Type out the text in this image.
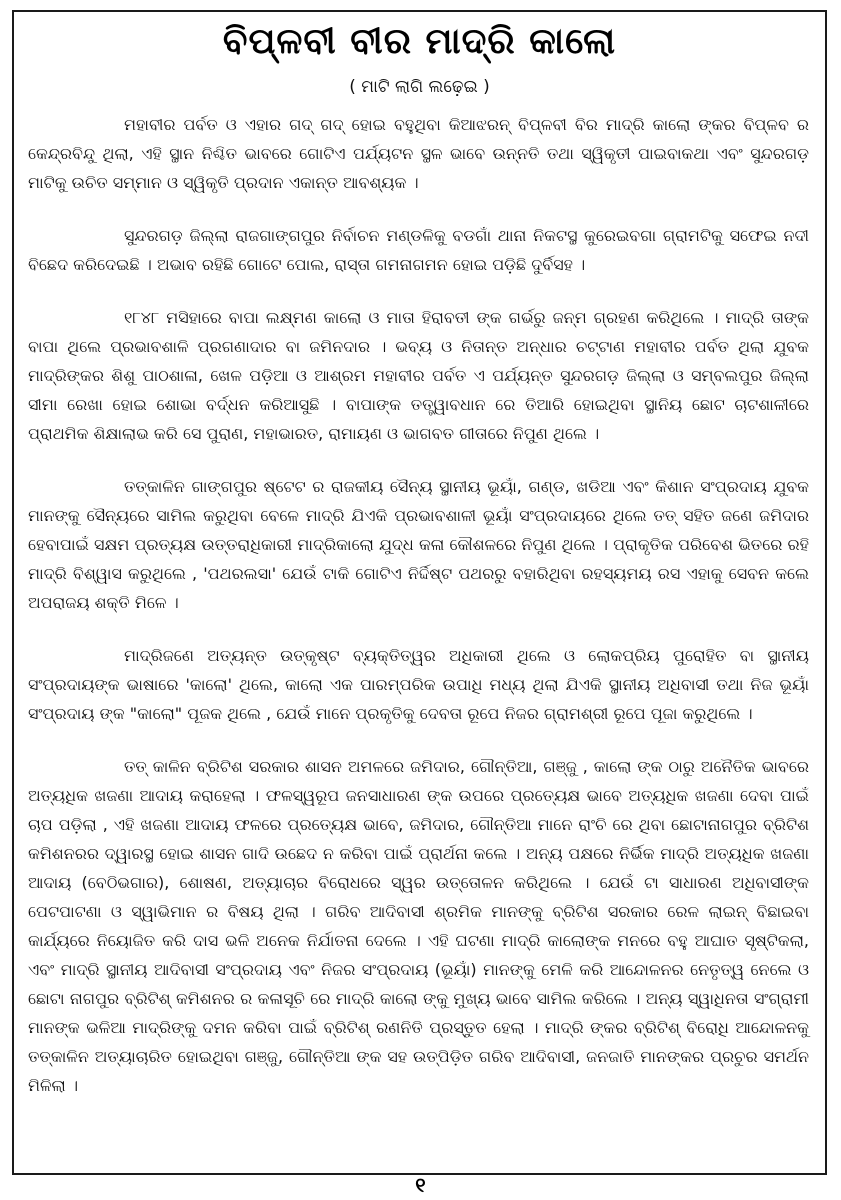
ବିପ୍ଳବୀ ବୀର ମାଦ୍ରି କାଲୋ
( ମାଟି ଲାଗି ଲଢ଼େଇ )

ମହାବୀର ପର୍ବତ ଓ ଏହାର ଗଦ୍ ଗଦ୍ ହୋଇ ବହୁଥିବା କିଆଝରନ୍ ବିପ୍ଳବୀ ବିର ମାଦ୍ରି କାଲୋ ଙ୍କର ବିପ୍ଳବ ର କେନ୍ଦ୍ରବିନ୍ଦୁ ଥିଲା, ଏହି ସ୍ଥାନ ନିଶ୍ଚିତ ଭାବରେ ଗୋଟିଏ ପର୍ଯ୍ୟଟନ ସ୍ଥଳ ଭାବେ ଉନ୍ନତି ତଥା ସ୍ୱିକୃତୀ ପାଇବାକଥା ଏବଂ ସୁନ୍ଦରଗଡ଼ ମାଟିକୁ ଉଚିତ ସମ୍ମାନ ଓ ସ୍ୱିକୃତି ପ୍ରଦାନ ଏକାନ୍ତ ଆବଶ୍ୟକ ।

ସୁନ୍ଦରଗଡ଼ ଜିଲ୍ଲା ରାଜଗାଙ୍ଗପୁର ନିର୍ବାଚନ ମଣ୍ଡଳିକୁ ବଡଗାଁ ଥାନା ନିକଟସ୍ଥ କୁରେଇବଗା ଗ୍ରାମଟିକୁ ସଫେଇ ନଦୀ ବିଛେଦ କରିଦେଇଛି । ଅଭାବ ରହିଛି ଗୋଟେ ପୋଲ, ରାସ୍ତା ଗମନାଗମନ ହୋଇ ପଡ଼ିଛି ଦୁର୍ବିସହ ।

୧୮୪୮ ମସିହାରେ ବାପା ଲକ୍ଷ୍ମଣ କାଲୋ ଓ ମାତା ହିରାବତୀ ଙ୍କ ଗର୍ଭରୁ ଜନ୍ମ ଗ୍ରହଣ କରିଥିଲେ । ମାଦ୍ରି ତାଙ୍କ ବାପା ଥିଲେ ପ୍ରଭାବଶାଳି ପ୍ରଗଣାଦାର ବା ଜମିନଦାର । ଭବ୍ୟ ଓ ନିତାନ୍ତ ଅନ୍ଧାର ଚଟ୍ଟାଣ ମହାବୀର ପର୍ବତ ଥିଲା ଯୁବକ ମାଦ୍ରିଙ୍କର ଶିଶୁ ପାଠଶାଳା, ଖେଳ ପଡ଼ିଆ ଓ ଆଶ୍ରମ ମହାବୀର ପର୍ବତ ଏ ପର୍ଯ୍ୟନ୍ତ ସୁନ୍ଦରଗଡ଼ ଜିଲ୍ଲା ଓ ସମ୍ବଲପୁର ଜିଲ୍ଲା ସୀମା ରେଖା ହୋଇ ଶୋଭା ବର୍ଦ୍ଧନ କରିଆସୁଛି । ବାପାଙ୍କ ତତ୍ତ୍ୱାବଧାନ ରେ ତିଆରି ହୋଇଥିବା ସ୍ଥାନିୟ ଛୋଟ ଚାଟଶାଳୀରେ ପ୍ରାଥମିକ ଶିକ୍ଷାଲାଭ କରି ସେ ପୁରାଣ, ମହାଭାରତ, ରାମାୟଣ ଓ ଭାଗବତ ଗୀତାରେ ନିପୁଣ ଥିଲେ ।

ତତ୍କାଳିନ ଗାଙ୍ଗପୁର ଷ୍ଟେଟ ର ରାଜକୀୟ ସୈନ୍ୟ ସ୍ଥାନୀୟ ଭୂୟାଁ, ଗଣ୍ଡ, ଖଡିଆ ଏବଂ କିଶାନ ସଂପ୍ରଦାୟ ଯୁବକ ମାନଙ୍କୁ ସୈନ୍ୟରେ ସାମିଲ କରୁଥିବା ବେଳେ ମାଦ୍ରି ଯିଏକି ପ୍ରଭାବଶାଳୀ ଭୂୟାଁ ସଂପ୍ରଦାୟରେ ଥିଲେ ତତ୍ ସହିତ ଜଣେ ଜମିଦାର ହେବାପାଇଁ ସକ୍ଷମ ପ୍ରତ୍ୟକ୍ଷ ଉତ୍ତରାଧିକାରୀ ମାଦ୍ରିକାଲୋ ଯୁଦ୍ଧ କଳା କୌଶଳରେ ନିପୁଣ ଥିଲେ । ପ୍ରାକୃତିକ ପରିବେଶ ଭିତରେ ରହି ମାଦ୍ରି ବିଶ୍ୱାସ କରୁଥିଲେ , 'ପଥରଲସା' ଯେଉଁ ଟାକି ଗୋଟିଏ ନିର୍ଦ୍ଦିଷ୍ଟ ପଥରରୁ ବହାରିଥିବା ରହସ୍ୟମୟ ରସ ଏହାକୁ ସେବନ କଲେ ଅପରାଜୟ ଶକ୍ତି ମିଳେ ।

ମାଦ୍ରିଜଣେ ଅତ୍ୟନ୍ତ ଉତ୍କୃଷ୍ଟ ବ୍ୟକ୍ତିତ୍ୱର ଅଧିକାରୀ ଥିଲେ ଓ ଲୋକପ୍ରିୟ ପୁରୋହିତ ବା ସ୍ଥାନୀୟ ସଂପ୍ରଦାୟଙ୍କ ଭାଷାରେ 'କାଲୋ' ଥିଲେ, କାଲୋ ଏକ ପାରମ୍ପରିକ ଉପାଧି ମଧ୍ୟ ଥିଲା ଯିଏକି ସ୍ଥାନୀୟ ଅଧିବାସୀ ତଥା ନିଜ ଭୂୟାଁ ସଂପ୍ରଦାୟ ଙ୍କ "କାଲୋ" ପୂଜକ ଥିଲେ , ଯେଉଁ ମାନେ ପ୍ରକୃତିକୁ ଦେବତା ରୂପେ ନିଜର ଗ୍ରାମଶ୍ରୀ ରୂପେ ପୂଜା କରୁଥିଲେ ।

ତତ୍ କାଳିନ ବ୍ରିଟିଶ ସରକାର ଶାସନ ଅମଳରେ ଜମିଦାର, ଗୌନ୍ତିଆ, ଗଞ୍ଜୁ , କାଲୋ ଙ୍କ ଠାରୁ ଅନୈତିକ ଭାବରେ ଅତ୍ୟଧିକ ଖଜଣା ଆଦାୟ କରାହେଲା । ଫଳସ୍ୱରୂପ ଜନସାଧାରଣ ଙ୍କ ଉପରେ ପ୍ରତ୍ୟେକ୍ଷ ଭାବେ ଅତ୍ୟଧିକ ଖଜଣା ଦେବା ପାଇଁ ଚାପ ପଡ଼ିଲା , ଏହି ଖଜଣା ଆଦାୟ ଫଳରେ ପ୍ରତ୍ୟେକ୍ଷ ଭାବେ, ଜମିଦାର, ଗୌନ୍ତିଆ ମାନେ ରାଂଚି ରେ ଥିବା ଛୋଟାନାଗପୁର ବ୍ରିଟିଶ କମିଶନରର ଦ୍ୱାରସ୍ଥ ହୋଇ ଶାସନ ଗାଦି ଉଛେଦ ନ କରିବା ପାଇଁ ପ୍ରାର୍ଥନା କଲେ । ଅନ୍ୟ ପକ୍ଷରେ ନିର୍ଭିକ ମାଦ୍ରି ଅତ୍ୟଧିକ ଖଜଣା ଆଦାୟ (ବେଠିଭଗାର), ଶୋଷଣ, ଅତ୍ୟାଚାର ବିରୋଧରେ ସ୍ୱର ଉତ୍ତୋଳନ କରିଥିଲେ । ଯେଉଁ ଟା ସାଧାରଣ ଅଧିବାସୀଙ୍କ ପେଟପାଟଣା ଓ ସ୍ୱାଭିମାନ ର ବିଷୟ ଥିଲା । ଗରିବ ଆଦିବାସୀ ଶ୍ରମିକ ମାନଙ୍କୁ ବ୍ରିଟିଶ ସରକାର ରେଳ ଲାଇନ୍ ବିଛାଇବା କାର୍ଯ୍ୟରେ ନିୟୋଜିତ କରି ଦାସ ଭଳି ଅନେକ ନିର୍ଯାତନା ଦେଲେ । ଏହି ଘଟଣା ମାଦ୍ରି କାଲୋଙ୍କ ମନରେ ବହୁ ଆଘାତ ସୃଷ୍ଟିକଲା, ଏବଂ ମାଦ୍ରି ସ୍ଥାନୀୟ ଆଦିବାସୀ ସଂପ୍ରଦାୟ ଏବଂ ନିଜର ସଂପ୍ରଦାୟ (ଭୂୟାଁ) ମାନଙ୍କୁ ମେଳି କରି ଆନ୍ଦୋଳନର ନେତୃତ୍ୱ ନେଲେ ଓ ଛୋଟା ନାଗପୁର ବ୍ରିଟିଶ୍ କମିଶନର ର କଳାସୂଚି ରେ ମାଦ୍ରି କାଲୋ ଙ୍କୁ ମୁଖ୍ୟ ଭାବେ ସାମିଲ କରିଲେ । ଅନ୍ୟ ସ୍ୱାଧିନତା ସଂଗ୍ରାମୀ ମାନଙ୍କ ଭଳିଆ ମାଦ୍ରିଙ୍କୁ ଦମନ କରିବା ପାଇଁ ବ୍ରିଟିଶ୍ ରଣନିତି ପ୍ରସ୍ତୁତ ହେଲା । ମାଦ୍ରି ଙ୍କର ବ୍ରିଟିଶ୍ ବିରୋଧି ଆନ୍ଦୋଳନକୁ ତତ୍କାଳିନ ଅତ୍ୟାଚାରିତ ହୋଇଥିବା ଗଞ୍ଜୁ, ଗୌନ୍ତିଆ ଙ୍କ ସହ ଉତ୍ପିଡ଼ିତ ଗରିବ ଆଦିବାସୀ, ଜନଜାତି ମାନଙ୍କର ପ୍ରଚୁର ସମର୍ଥନ ମିଳିଲା ।

୧
